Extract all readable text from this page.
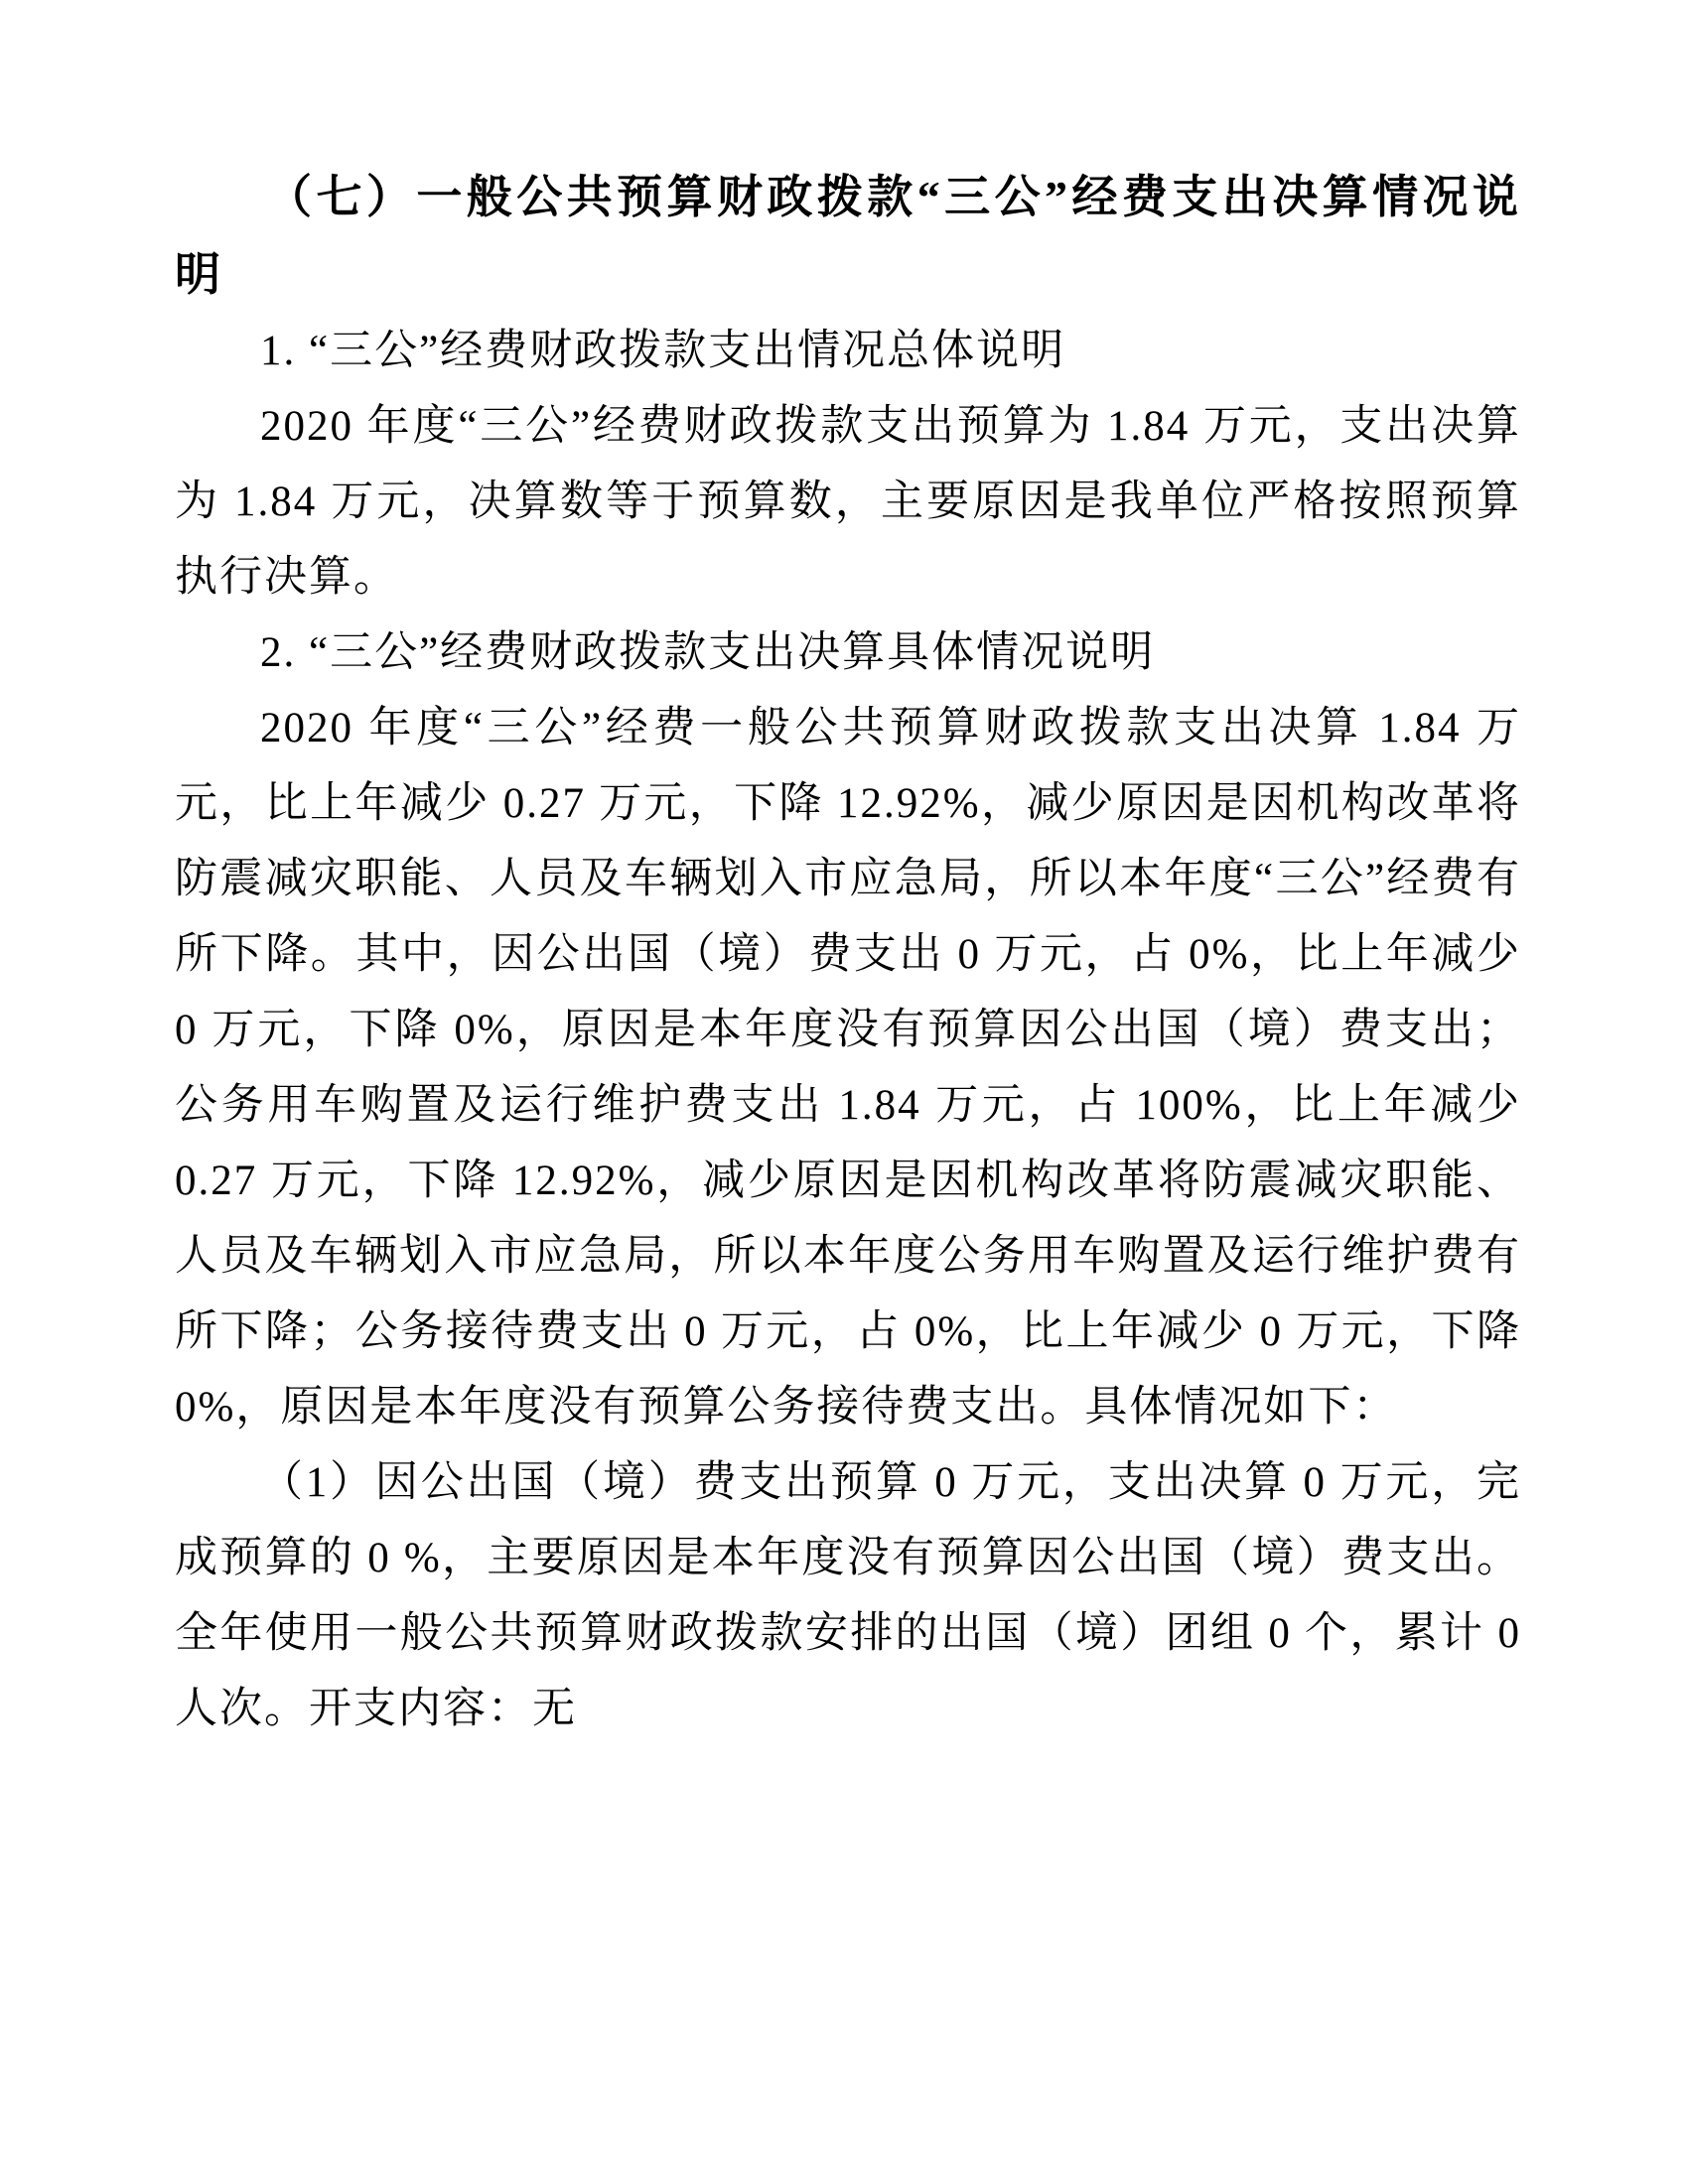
（七）一般公共预算财政拨款“三公”经费支出决算情况说明

1. “三公”经费财政拨款支出情况总体说明

2020 年度“三公”经费财政拨款支出预算为 1.84 万元，支出决算为 1.84 万元，决算数等于预算数，主要原因是我单位严格按照预算执行决算。

2. “三公”经费财政拨款支出决算具体情况说明

2020 年度“三公”经费一般公共预算财政拨款支出决算 1.84 万元，比上年减少 0.27 万元，下降 12.92%，减少原因是因机构改革将防震减灾职能、人员及车辆划入市应急局，所以本年度“三公”经费有所下降。其中，因公出国（境）费支出 0 万元，占 0%，比上年减少 0 万元，下降 0%，原因是本年度没有预算因公出国（境）费支出；公务用车购置及运行维护费支出 1.84 万元，占 100%，比上年减少 0.27 万元，下降 12.92%，减少原因是因机构改革将防震减灾职能、人员及车辆划入市应急局，所以本年度公务用车购置及运行维护费有所下降；公务接待费支出 0 万元，占 0%，比上年减少 0 万元，下降 0%，原因是本年度没有预算公务接待费支出。具体情况如下：

（1）因公出国（境）费支出预算 0 万元，支出决算 0 万元，完成预算的 0 %，主要原因是本年度没有预算因公出国（境）费支出。全年使用一般公共预算财政拨款安排的出国（境）团组 0 个，累计 0 人次。开支内容：无
